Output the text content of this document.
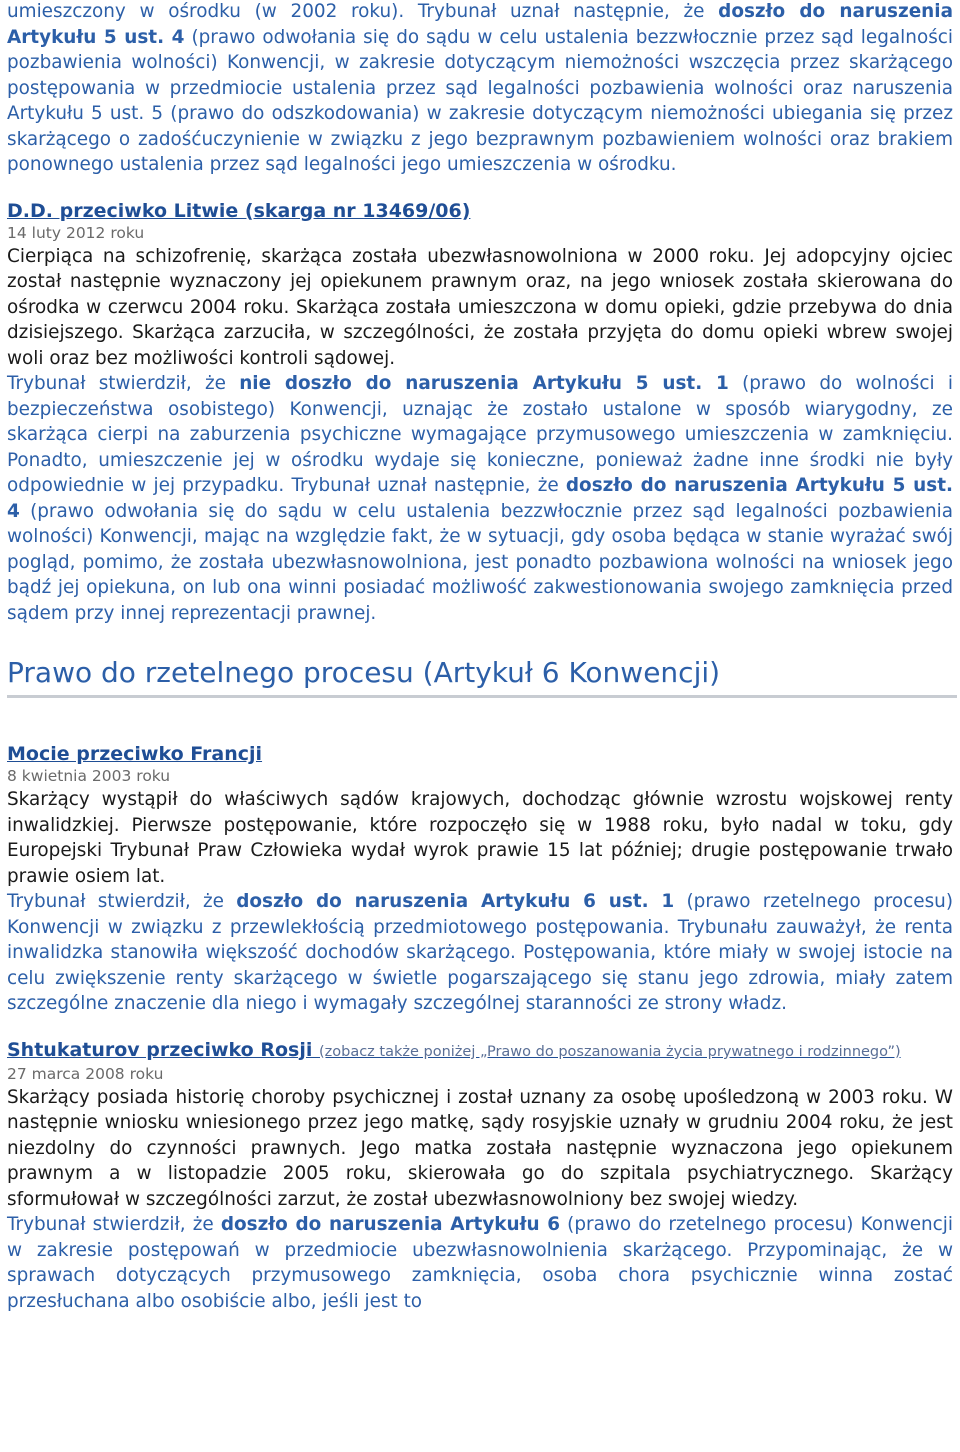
umieszczony w ośrodku (w 2002 roku). Trybunał uznał następnie, że doszło do naruszenia Artykułu 5 ust. 4 (prawo odwołania się do sądu w celu ustalenia bezzwłocznie przez sąd legalności pozbawienia wolności) Konwencji, w zakresie dotyczącym niemożności wszczęcia przez skarżącego postępowania w przedmiocie ustalenia przez sąd legalności pozbawienia wolności oraz naruszenia Artykułu 5 ust. 5 (prawo do odszkodowania) w zakresie dotyczącym niemożności ubiegania się przez skarżącego o zadośćuczynienie w związku z jego bezprawnym pozbawieniem wolności oraz brakiem ponownego ustalenia przez sąd legalności jego umieszczenia w ośrodku.

D.D. przeciwko Litwie (skarga nr 13469/06)

14 luty 2012 roku

Cierpiąca na schizofrenię, skarżąca została ubezwłasnowolniona w 2000 roku. Jej adopcyjny ojciec został następnie wyznaczony jej opiekunem prawnym oraz, na jego wniosek została skierowana do ośrodka w czerwcu 2004 roku. Skarżąca została umieszczona w domu opieki, gdzie przebywa do dnia dzisiejszego. Skarżąca zarzuciła, w szczególności, że została przyjęta do domu opieki wbrew swojej woli oraz bez możliwości kontroli sądowej.

Trybunał stwierdził, że nie doszło do naruszenia Artykułu 5 ust. 1 (prawo do wolności i bezpieczeństwa osobistego) Konwencji, uznając że zostało ustalone w sposób wiarygodny, ze skarżąca cierpi na zaburzenia psychiczne wymagające przymusowego umieszczenia w zamknięciu. Ponadto, umieszczenie jej w ośrodku wydaje się konieczne, ponieważ żadne inne środki nie były odpowiednie w jej przypadku. Trybunał uznał następnie, że doszło do naruszenia Artykułu 5 ust. 4 (prawo odwołania się do sądu w celu ustalenia bezzwłocznie przez sąd legalności pozbawienia wolności) Konwencji, mając na względzie fakt, że w sytuacji, gdy osoba będąca w stanie wyrażać swój pogląd, pomimo, że została ubezwłasnowolniona, jest ponadto pozbawiona wolności na wniosek jego bądź jej opiekuna, on lub ona winni posiadać możliwość zakwestionowania swojego zamknięcia przed sądem przy innej reprezentacji prawnej.

Prawo do rzetelnego procesu (Artykuł 6 Konwencji)

Mocie przeciwko Francji

8 kwietnia 2003 roku

Skarżący wystąpił do właściwych sądów krajowych, dochodząc głównie wzrostu wojskowej renty inwalidzkiej. Pierwsze postępowanie, które rozpoczęło się w 1988 roku, było nadal w toku, gdy Europejski Trybunał Praw Człowieka wydał wyrok prawie 15 lat później; drugie postępowanie trwało prawie osiem lat.

Trybunał stwierdził, że doszło do naruszenia Artykułu 6 ust. 1 (prawo rzetelnego procesu) Konwencji w związku z przewlekłością przedmiotowego postępowania. Trybunału zauważył, że renta inwalidzka stanowiła większość dochodów skarżącego. Postępowania, które miały w swojej istocie na celu zwiększenie renty skarżącego w świetle pogarszającego się stanu jego zdrowia, miały zatem szczególne znaczenie dla niego i wymagały szczególnej staranności ze strony władz.

Shtukaturov przeciwko Rosji (zobacz także poniżej „Prawo do poszanowania życia prywatnego i rodzinnego”)

27 marca 2008 roku

Skarżący posiada historię choroby psychicznej i został uznany za osobę upośledzoną w 2003 roku. W następnie wniosku wniesionego przez jego matkę, sądy rosyjskie uznały w grudniu 2004 roku, że jest niezdolny do czynności prawnych. Jego matka została następnie wyznaczona jego opiekunem prawnym a w listopadzie 2005 roku, skierowała go do szpitala psychiatrycznego. Skarżący sformułował w szczególności zarzut, że został ubezwłasnowolniony bez swojej wiedzy.

Trybunał stwierdził, że doszło do naruszenia Artykułu 6 (prawo do rzetelnego procesu) Konwencji w zakresie postępowań w przedmiocie ubezwłasnowolnienia skarżącego. Przypominając, że w sprawach dotyczących przymusowego zamknięcia, osoba chora psychicznie winna zostać przesłuchana albo osobiście albo, jeśli jest to
